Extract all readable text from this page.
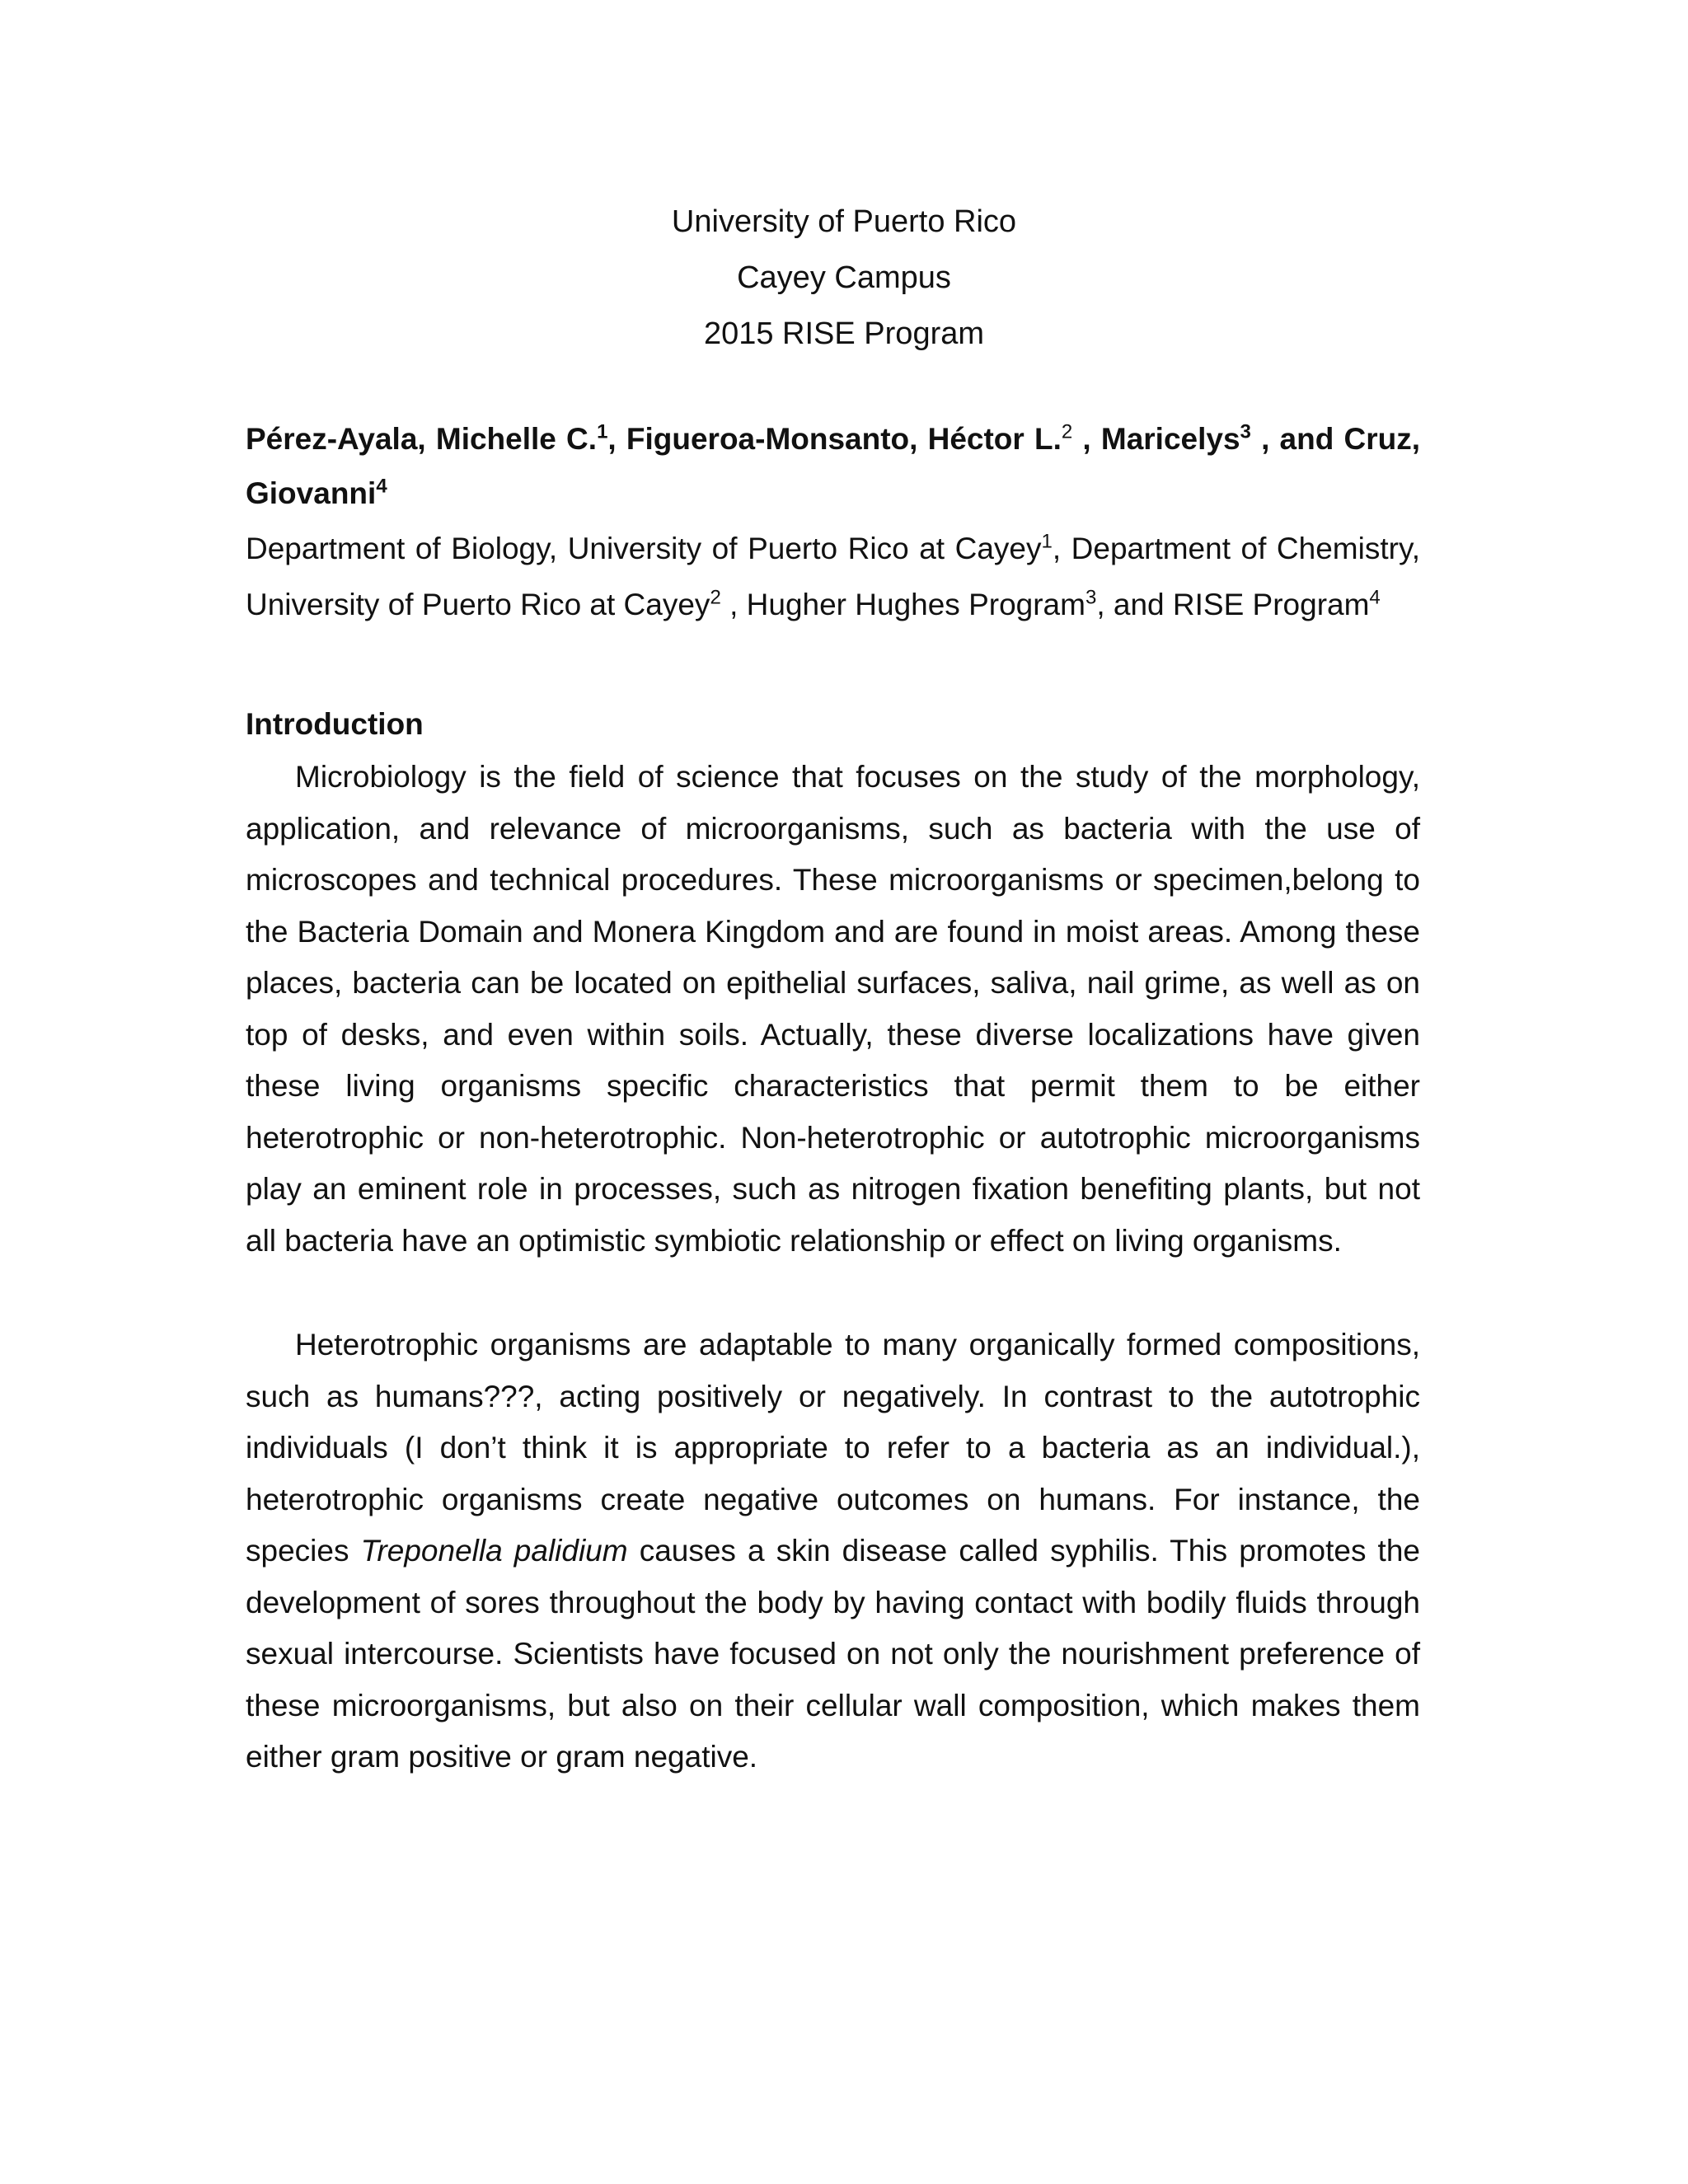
University of Puerto Rico
Cayey Campus
2015 RISE Program

Pérez-Ayala, Michelle C.$^1$, Figueroa-Monsanto, Héctor L.$^2$ , Maricelys$^3$ , and Cruz, Giovanni$^4$

Department of Biology, University of Puerto Rico at Cayey$^1$, Department of Chemistry, University of Puerto Rico at Cayey$^2$ , Hugher Hughes Program$^3$, and RISE Program$^4$

Introduction

Microbiology is the field of science that focuses on the study of the morphology, application, and relevance of microorganisms, such as bacteria with the use of microscopes and technical procedures. These microorganisms or specimen,belong to the Bacteria Domain and Monera Kingdom and are found in moist areas. Among these places, bacteria can be located on epithelial surfaces, saliva, nail grime, as well as on top of desks, and even within soils. Actually, these diverse localizations have given these living organisms specific characteristics that permit them to be either heterotrophic or non-heterotrophic. Non-heterotrophic or autotrophic microorganisms play an eminent role in processes, such as nitrogen fixation benefiting plants, but not all bacteria have an optimistic symbiotic relationship or effect on living organisms.

Heterotrophic organisms are adaptable to many organically formed compositions, such as humans???, acting positively or negatively. In contrast to the autotrophic individuals (I don’t think it is appropriate to refer to a bacteria as an individual.), heterotrophic organisms create negative outcomes on humans. For instance, the species Treponella palidium causes a skin disease called syphilis. This promotes the development of sores throughout the body by having contact with bodily fluids through sexual intercourse. Scientists have focused on not only the nourishment preference of these microorganisms, but also on their cellular wall composition, which makes them either gram positive or gram negative.
